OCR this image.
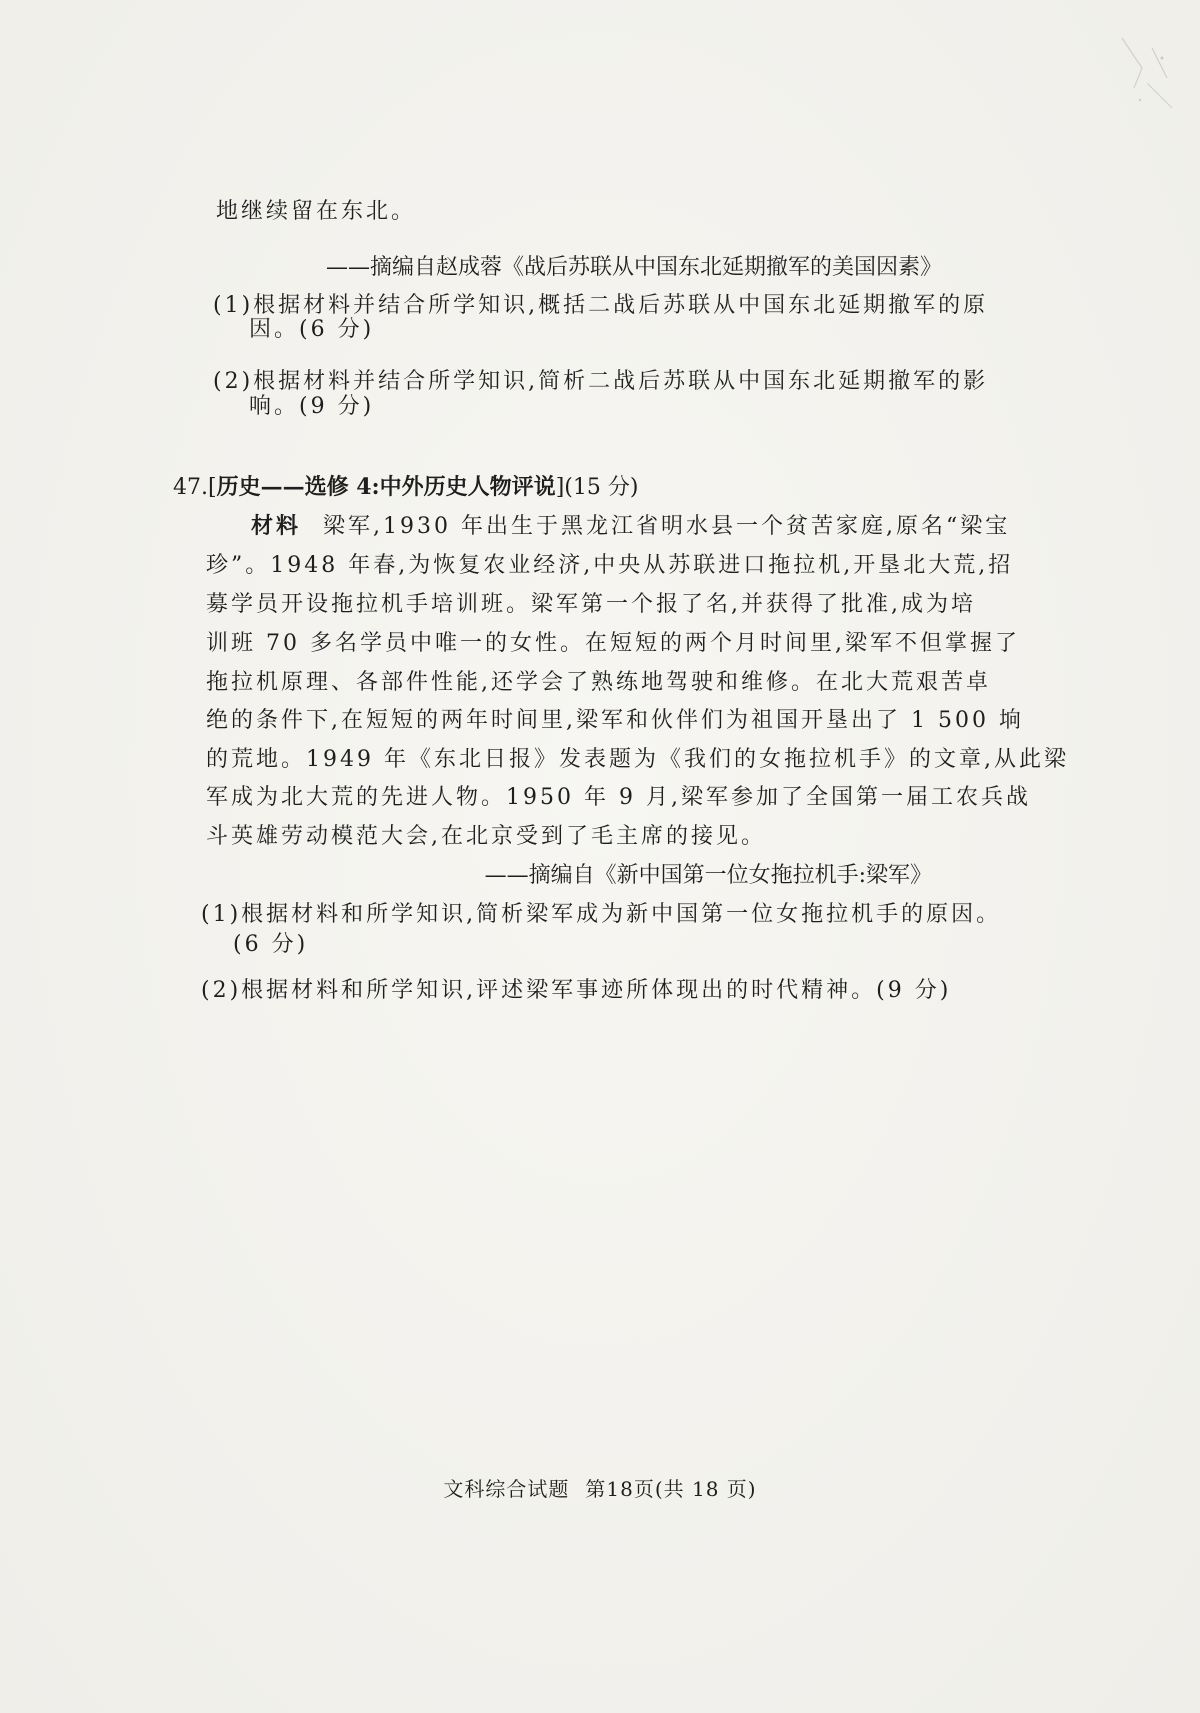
地继续留在东北。
——摘编自赵成蓉《战后苏联从中国东北延期撤军的美国因素》
(1)根据材料并结合所学知识,概括二战后苏联从中国东北延期撤军的原
因。(6 分)
(2)根据材料并结合所学知识,简析二战后苏联从中国东北延期撤军的影
响。(9 分)
47.[历史——选修 4:中外历史人物评说](15 分)
材料 梁军,1930 年出生于黑龙江省明水县一个贫苦家庭,原名“梁宝
珍”。1948 年春,为恢复农业经济,中央从苏联进口拖拉机,开垦北大荒,招
募学员开设拖拉机手培训班。梁军第一个报了名,并获得了批准,成为培
训班 70 多名学员中唯一的女性。在短短的两个月时间里,梁军不但掌握了
拖拉机原理、各部件性能,还学会了熟练地驾驶和维修。在北大荒艰苦卓
绝的条件下,在短短的两年时间里,梁军和伙伴们为祖国开垦出了 1 500 垧
的荒地。1949 年《东北日报》发表题为《我们的女拖拉机手》的文章,从此梁
军成为北大荒的先进人物。1950 年 9 月,梁军参加了全国第一届工农兵战
斗英雄劳动模范大会,在北京受到了毛主席的接见。
——摘编自《新中国第一位女拖拉机手:梁军》
(1)根据材料和所学知识,简析梁军成为新中国第一位女拖拉机手的原因。
(6 分)
(2)根据材料和所学知识,评述梁军事迹所体现出的时代精神。(9 分)
文科综合试题 第18页(共 18 页)
